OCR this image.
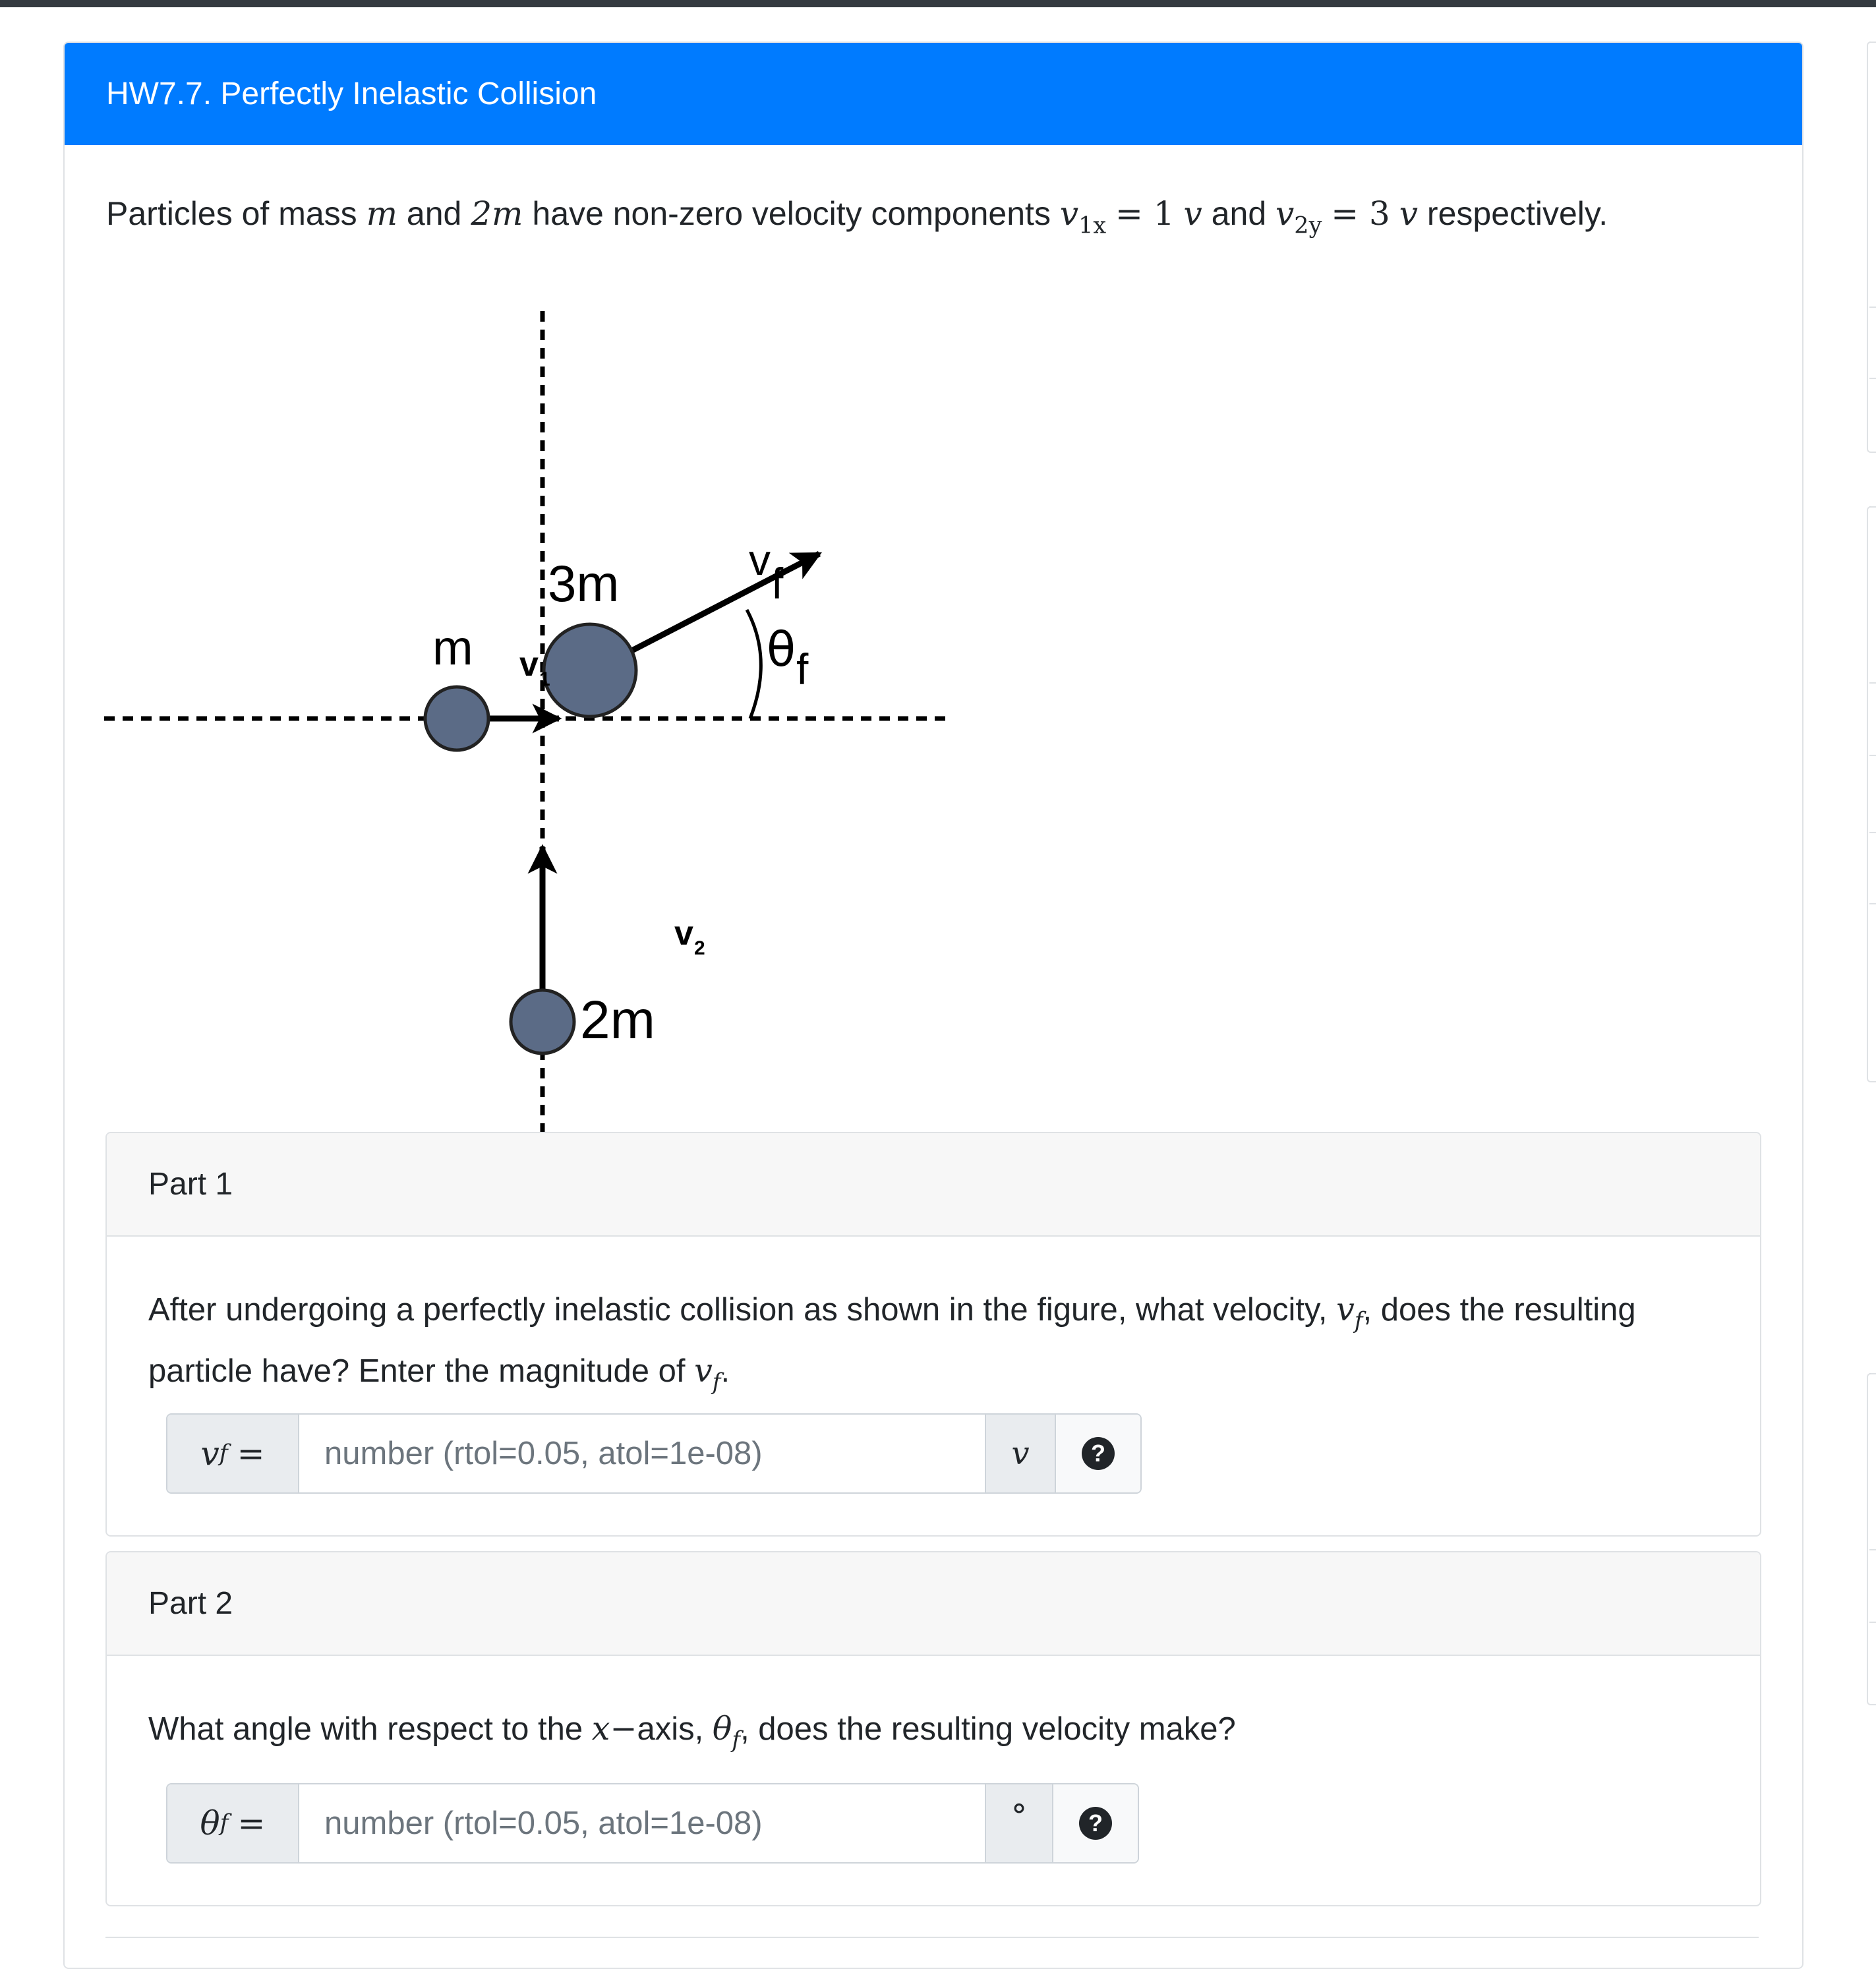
HW7.7. Perfectly Inelastic Collision
Particles of mass m and 2m have non-zero velocity components $v_{1x} = 1$ v and $v_{2y} = 3$ v respectively.
m v 1
3m	v f
θ f
v 2
2m
Part 1
After undergoing a perfectly inelastic collision as shown in the figure, what velocity, $v_f$, does the resulting particle have? Enter the magnitude of $v_f$.
v f
=
number (rtol=0.05, atol=1e-08)	v	?
Part 2
What angle with respect to the x−axis, $\theta_f$, does the resulting velocity make?
θ f
=
number (rtol=0.05, atol=1e-08)	°	?
